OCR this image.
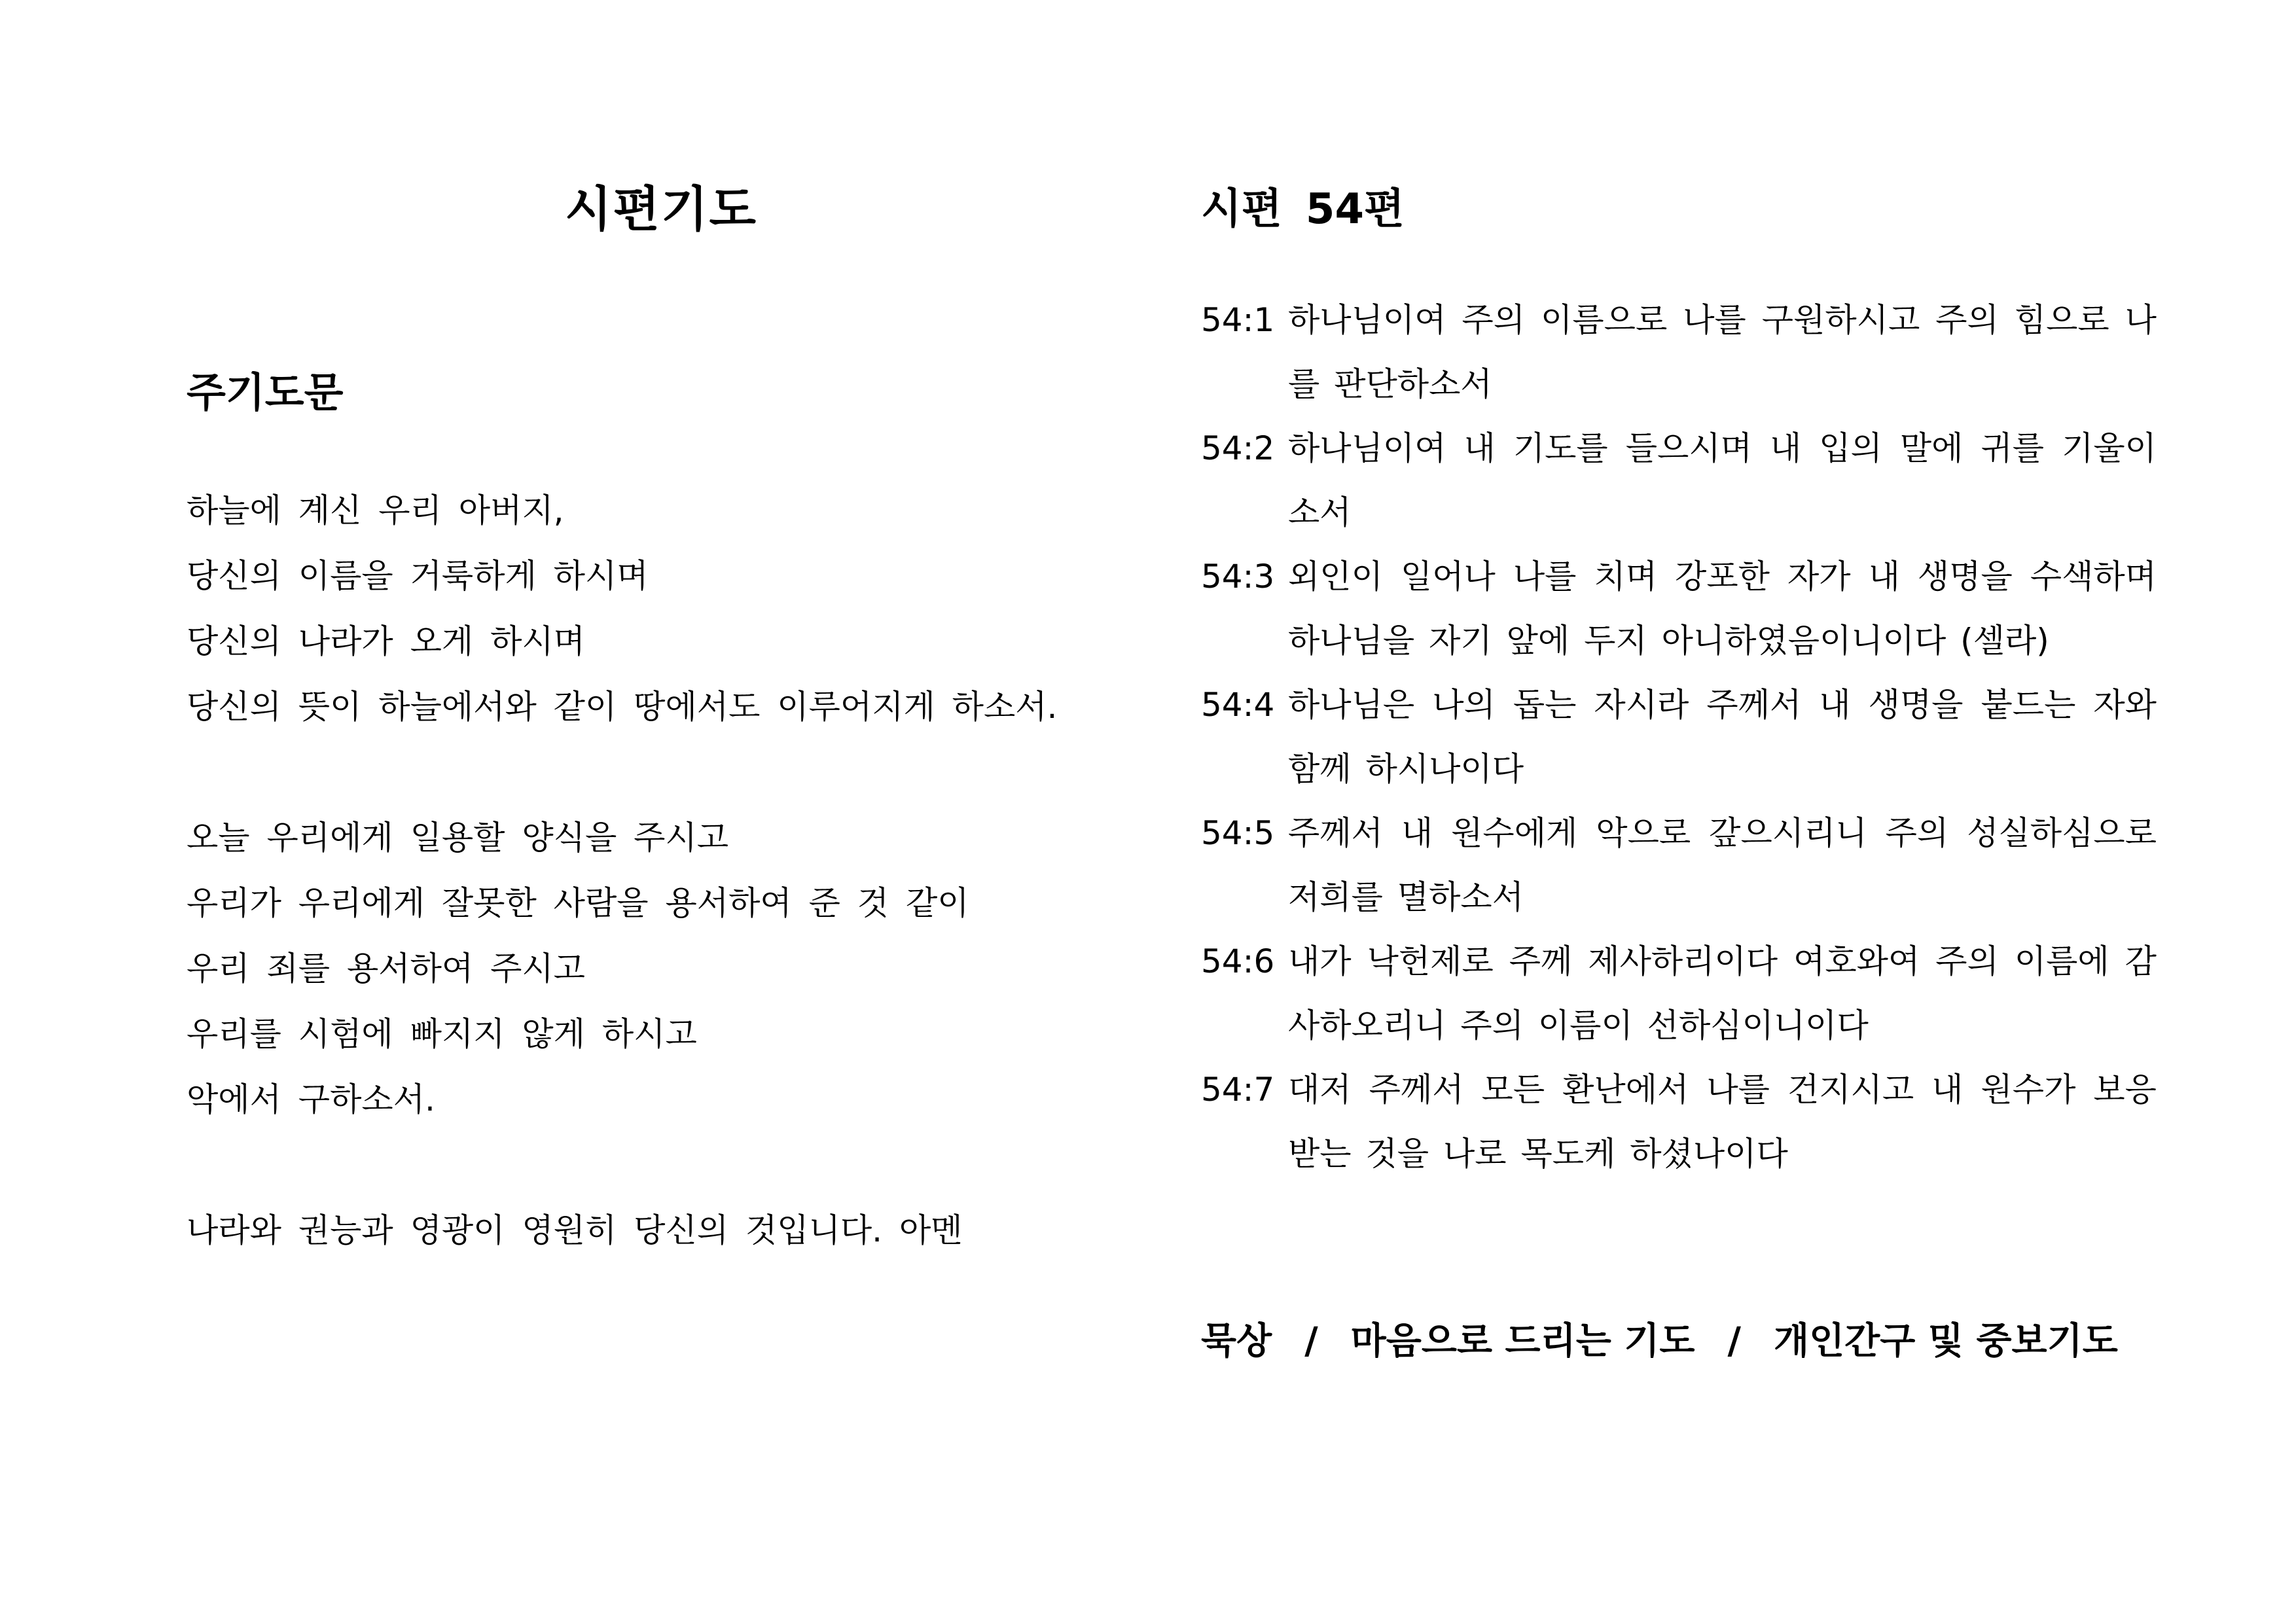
시편기도
주기도문
하늘에 계신 우리 아버지,
당신의 이름을 거룩하게 하시며
당신의 나라가 오게 하시며
당신의 뜻이 하늘에서와 같이 땅에서도 이루어지게 하소서.
오늘 우리에게 일용할 양식을 주시고
우리가 우리에게 잘못한 사람을 용서하여 준 것 같이
우리 죄를 용서하여 주시고
우리를 시험에 빠지지 않게 하시고
악에서 구하소서.
나라와 권능과 영광이 영원히 당신의 것입니다. 아멘
시편 54편
54:1 하나님이여 주의 이름으로 나를 구원하시고 주의 힘으로 나
를 판단하소서
54:2 하나님이여 내 기도를 들으시며 내 입의 말에 귀를 기울이
소서
54:3 외인이 일어나 나를 치며 강포한 자가 내 생명을 수색하며
하나님을 자기 앞에 두지 아니하였음이니이다 (셀라)
54:4 하나님은 나의 돕는 자시라 주께서 내 생명을 붙드는 자와
함께 하시나이다
54:5 주께서 내 원수에게 악으로 갚으시리니 주의 성실하심으로
저희를 멸하소서
54:6 내가 낙헌제로 주께 제사하리이다 여호와여 주의 이름에 감
사하오리니 주의 이름이 선하심이니이다
54:7 대저 주께서 모든 환난에서 나를 건지시고 내 원수가 보응
받는 것을 나로 목도케 하셨나이다
묵상 / 마음으로 드리는 기도 / 개인간구 및 중보기도
